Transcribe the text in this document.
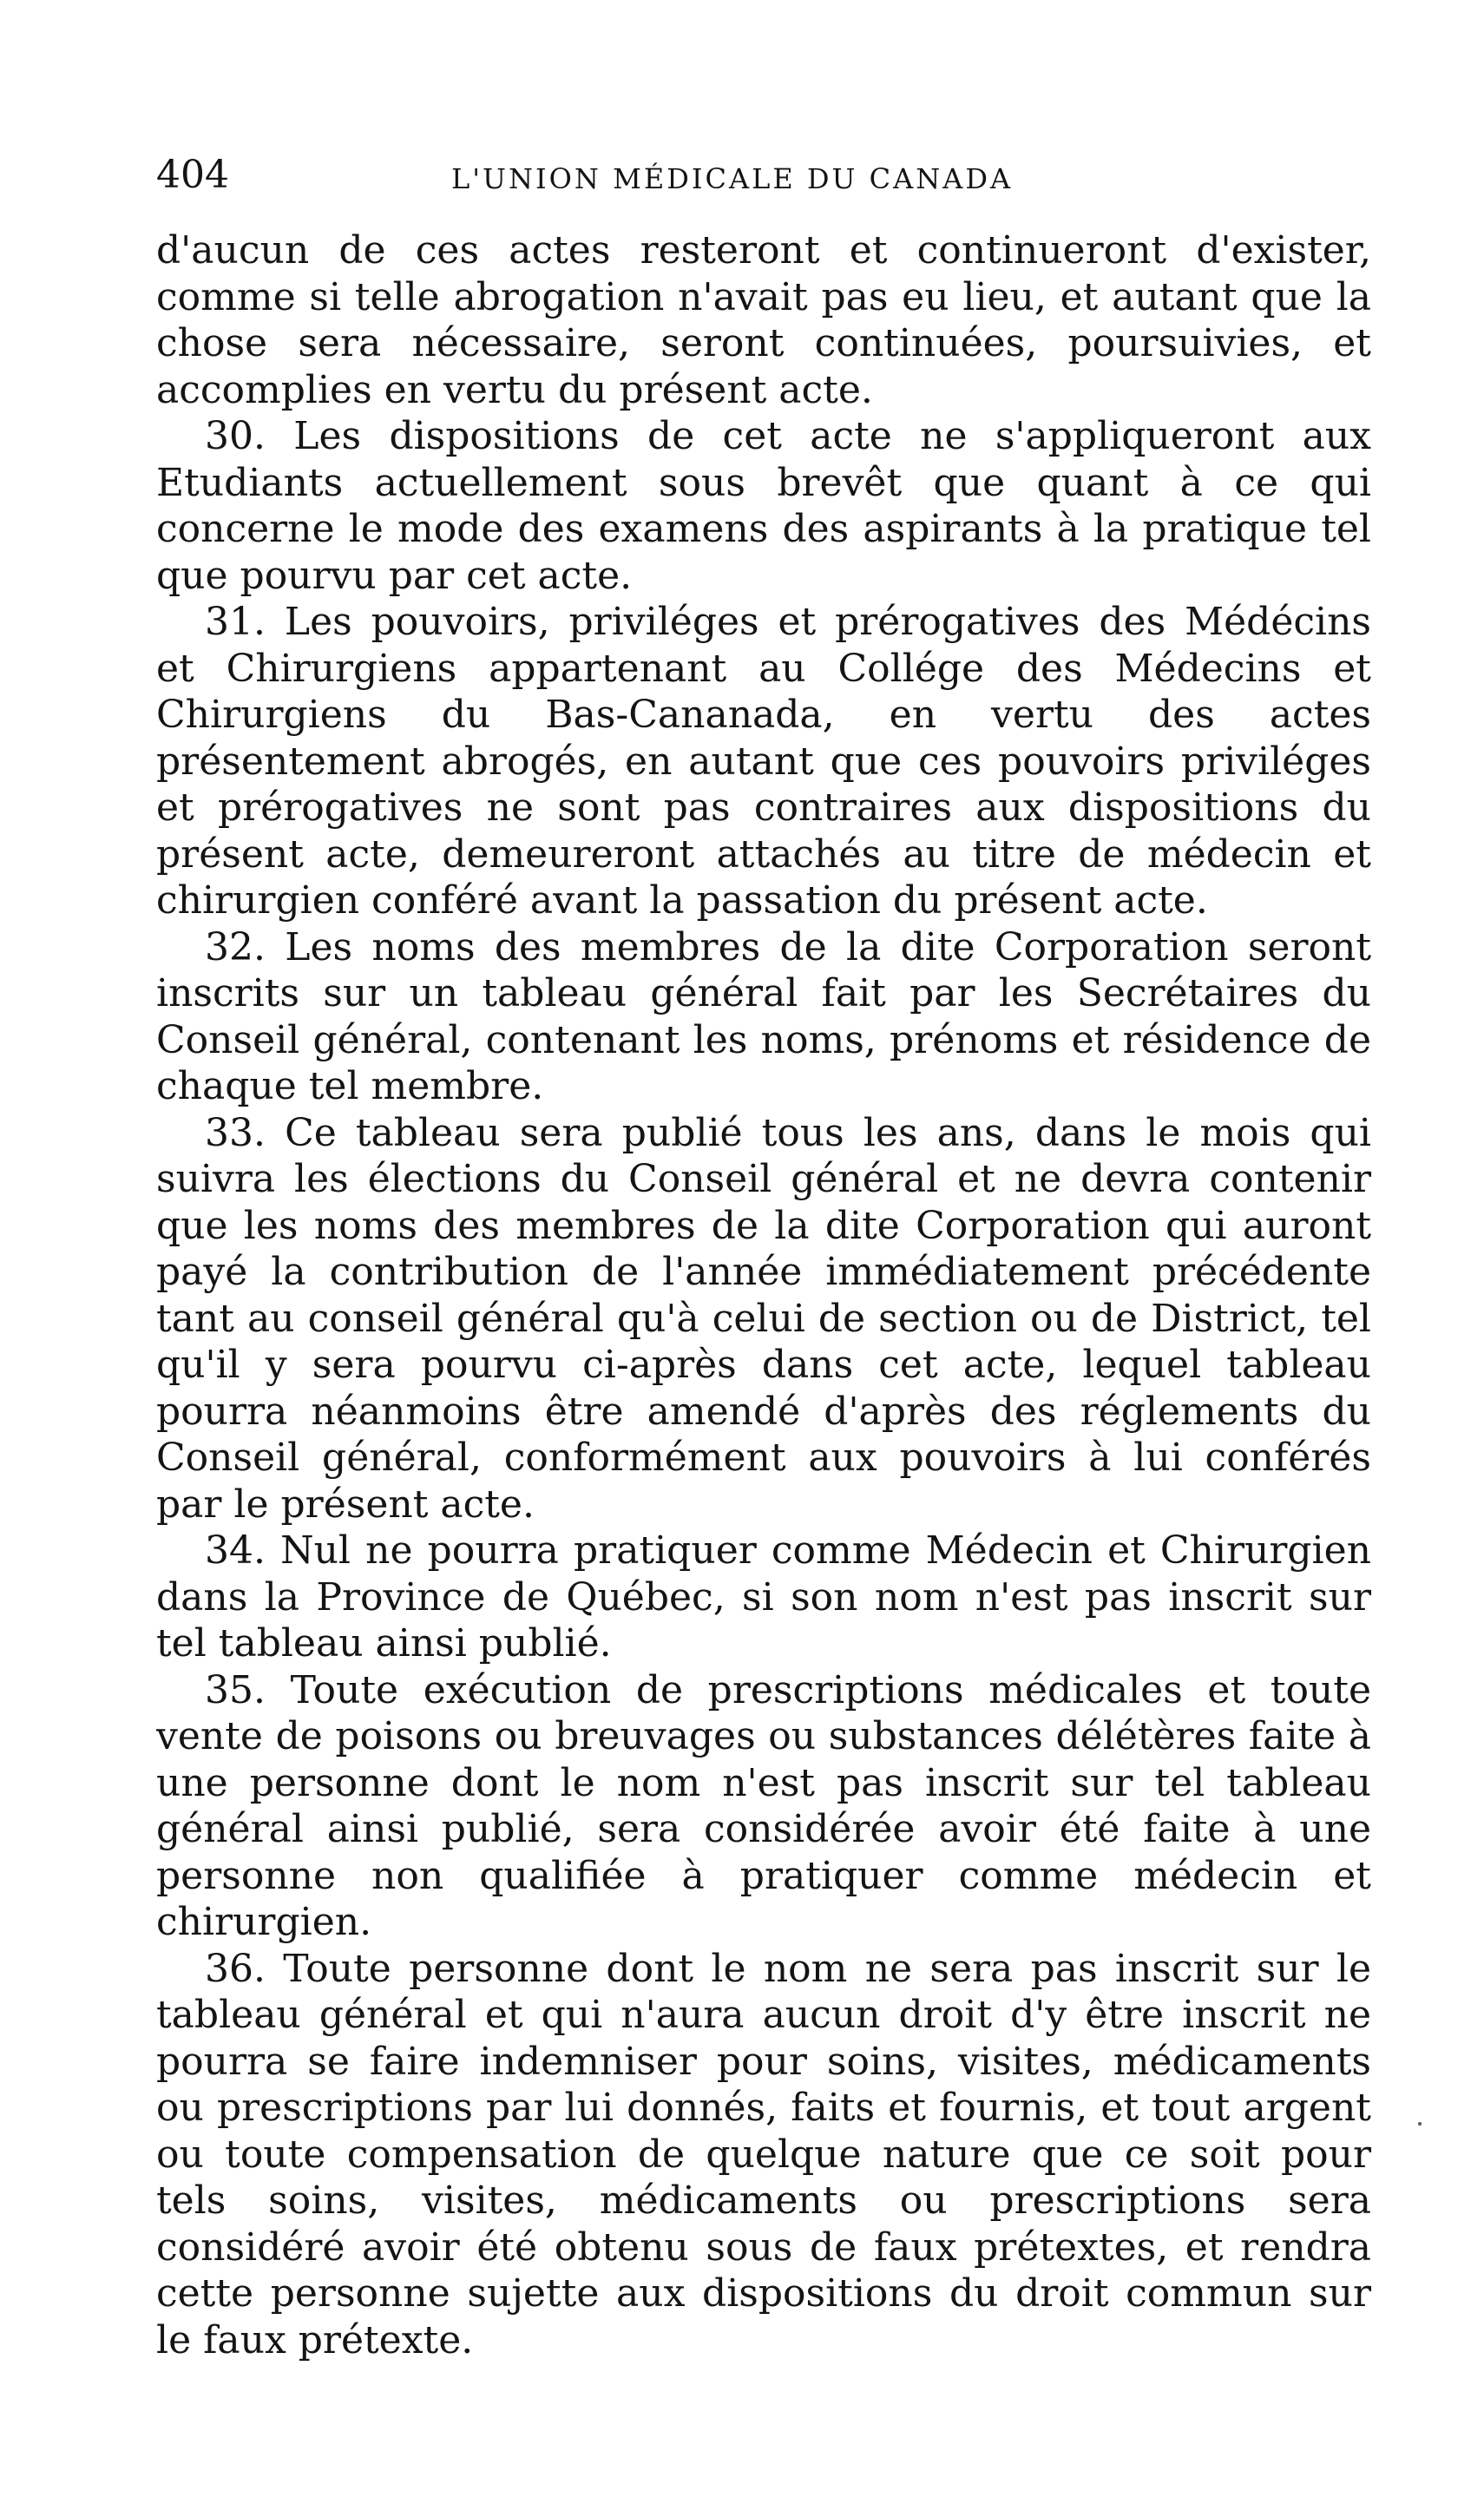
404	L'UNION MÉDICALE DU CANADA

d'aucun de ces actes resteront et continueront d'exister, comme si telle abrogation n'avait pas eu lieu, et autant que la chose sera nécessaire, seront continuées, poursuivies, et accomplies en vertu du présent acte.

30. Les dispositions de cet acte ne s'appliqueront aux Etudiants actuellement sous brevêt que quant à ce qui concerne le mode des examens des aspirants à la pratique tel que pourvu par cet acte.

31. Les pouvoirs, priviléges et prérogatives des Médécins et Chirurgiens appartenant au Collége des Médecins et Chirurgiens du Bas-Cananada, en vertu des actes présentement abrogés, en autant que ces pouvoirs priviléges et prérogatives ne sont pas contraires aux dispositions du présent acte, demeureront attachés au titre de médecin et chirurgien conféré avant la passation du présent acte.

32. Les noms des membres de la dite Corporation seront inscrits sur un tableau général fait par les Secrétaires du Conseil général, contenant les noms, prénoms et résidence de chaque tel membre.

33. Ce tableau sera publié tous les ans, dans le mois qui suivra les élections du Conseil général et ne devra contenir que les noms des membres de la dite Corporation qui auront payé la contribution de l'année immédiatement précédente tant au conseil général qu'à celui de section ou de District, tel qu'il y sera pourvu ci-après dans cet acte, lequel tableau pourra néanmoins être amendé d'après des réglements du Conseil général, conformément aux pouvoirs à lui conférés par le présent acte.

34. Nul ne pourra pratiquer comme Médecin et Chirurgien dans la Province de Québec, si son nom n'est pas inscrit sur tel tableau ainsi publié.

35. Toute exécution de prescriptions médicales et toute vente de poisons ou breuvages ou substances délétères faite à une personne dont le nom n'est pas inscrit sur tel tableau général ainsi publié, sera considérée avoir été faite à une personne non qualifiée à pratiquer comme médecin et chirurgien.

36. Toute personne dont le nom ne sera pas inscrit sur le tableau général et qui n'aura aucun droit d'y être inscrit ne pourra se faire indemniser pour soins, visites, médicaments ou prescriptions par lui donnés, faits et fournis, et tout argent ou toute compensation de quelque nature que ce soit pour tels soins, visites, médicaments ou prescriptions sera considéré avoir été obtenu sous de faux prétextes, et rendra cette personne sujette aux dispositions du droit commun sur le faux prétexte.
